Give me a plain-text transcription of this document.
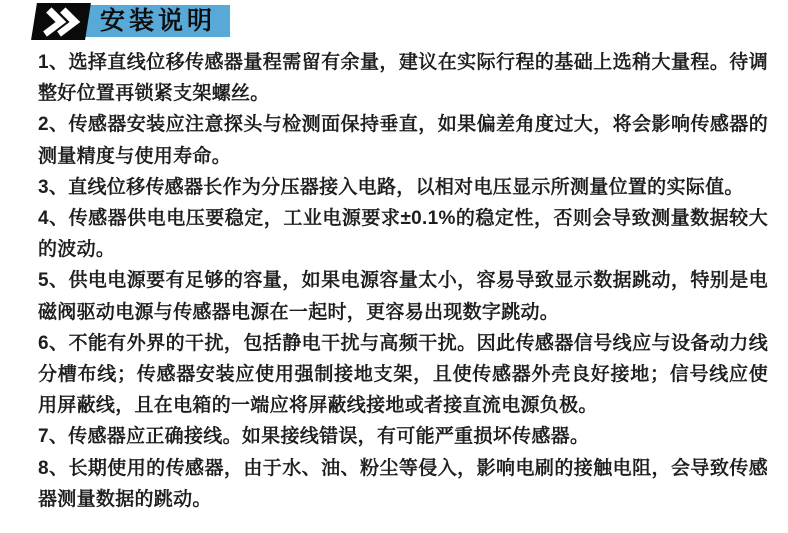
安装说明

1、选择直线位移传感器量程需留有余量，建议在实际行程的基础上选稍大量程。待调整好位置再锁紧支架螺丝。

2、传感器安装应注意探头与检测面保持垂直，如果偏差角度过大，将会影响传感器的测量精度与使用寿命。

3、直线位移传感器长作为分压器接入电路，以相对电压显示所测量位置的实际值。

4、传感器供电电压要稳定，工业电源要求±0.1%的稳定性，否则会导致测量数据较大的波动。

5、供电电源要有足够的容量，如果电源容量太小，容易导致显示数据跳动，特别是电磁阀驱动电源与传感器电源在一起时，更容易出现数字跳动。

6、不能有外界的干扰，包括静电干扰与高频干扰。因此传感器信号线应与设备动力线分槽布线；传感器安装应使用强制接地支架，且使传感器外壳良好接地；信号线应使用屏蔽线，且在电箱的一端应将屏蔽线接地或者接直流电源负极。

7、传感器应正确接线。如果接线错误，有可能严重损坏传感器。

8、长期使用的传感器，由于水、油、粉尘等侵入，影响电刷的接触电阻，会导致传感器测量数据的跳动。
